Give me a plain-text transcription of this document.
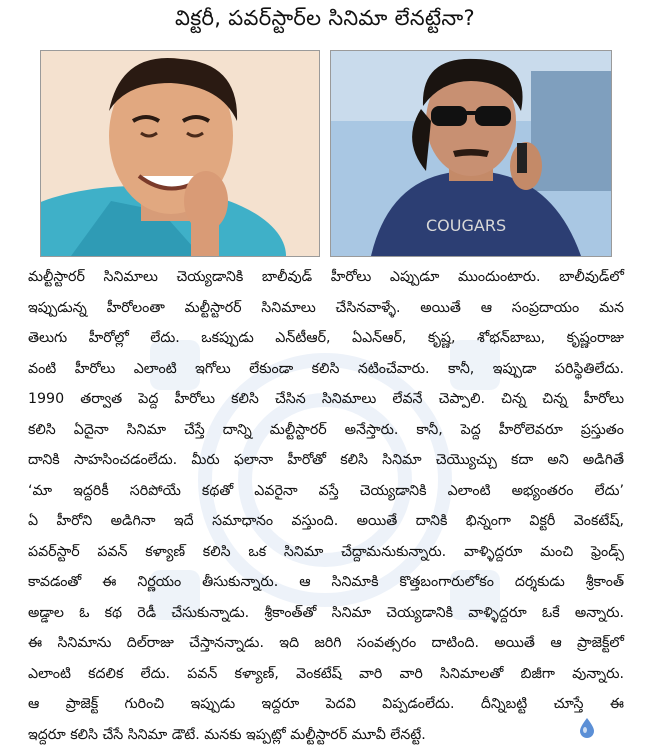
విక్టరీ, పవర్‌స్టార్‌ల సినిమా లేనట్టేనా?
COUGARS

మల్టీస్టారర్ సినిమాలు చెయ్యడానికి బాలీవుడ్ హీరోలు ఎప్పుడూ ముందుంటారు. బాలీవుడ్‌లో

ఇప్పుడున్న హీరోలంతా మల్టీస్టారర్ సినిమాలు చేసినవాళ్ళే. అయితే ఆ సంప్రదాయం మన

తెలుగు హీరోల్లో లేదు. ఒకప్పుడు ఎన్‌టీఆర్, ఏఎన్ఆర్, కృష్ణ, శోభన్‌బాబు, కృష్ణంరాజు

వంటి హీరోలు ఎలాంటి ఇగోలు లేకుండా కలిసి నటించేవారు. కానీ, ఇప్పుడా పరిస్థితిలేదు.

1990 తర్వాత పెద్ద హీరోలు కలిసి చేసిన సినిమాలు లేవనే చెప్పాలి. చిన్న చిన్న హీరోలు

కలిసి ఏదైనా సినిమా చేస్తే దాన్ని మల్టీస్టారర్ అనేస్తారు. కానీ, పెద్ద హీరోలెవరూ ప్రస్తుతం

దానికి సాహసించడంలేదు. మీరు ఫలానా హీరోతో కలిసి సినిమా చెయ్యొచ్చు కదా అని అడిగితే

‘మా ఇద్దరికీ సరిపోయే కథతో ఎవరైనా వస్తే చెయ్యడానికి ఎలాంటి అభ్యంతరం లేదు’

ఏ హీరోని అడిగినా ఇదే సమాధానం వస్తుంది. అయితే దానికి భిన్నంగా విక్టరీ వెంకటేష్,

పవర్‌స్టార్ పవన్ కళ్యాణ్ కలిసి ఒక సినిమా చేద్దామనుకున్నారు. వాళ్ళిద్దరూ మంచి ఫ్రెండ్స్

కావడంతో ఈ నిర్ణయం తీసుకున్నారు. ఆ సినిమాకి కొత్తబంగారులోకం దర్శకుడు శ్రీకాంత్

అడ్డాల ఓ కథ రెడీ చేసుకున్నాడు. శ్రీకాంత్‌తో సినిమా చెయ్యడానికి వాళ్ళిద్దరూ ఓకే అన్నారు.

ఈ సినిమాను దిల్‌రాజు చేస్తానన్నాడు. ఇది జరిగి సంవత్సరం దాటింది. అయితే ఆ ప్రాజెక్ట్‌లో

ఎలాంటి కదలిక లేదు. పవన్ కళ్యాణ్, వెంకటేష్ వారి వారి సినిమాలతో బిజీగా వున్నారు.

ఆ ప్రాజెక్ట్ గురించి ఇప్పుడు ఇద్దరూ పెదవి విప్పడంలేదు. దీన్నిబట్టి చూస్తే ఈ

ఇద్దరూ కలిసి చేసే సినిమా డౌటే. మనకు ఇప్పట్లో మల్టీస్టారర్ మూవీ లేనట్టే.
